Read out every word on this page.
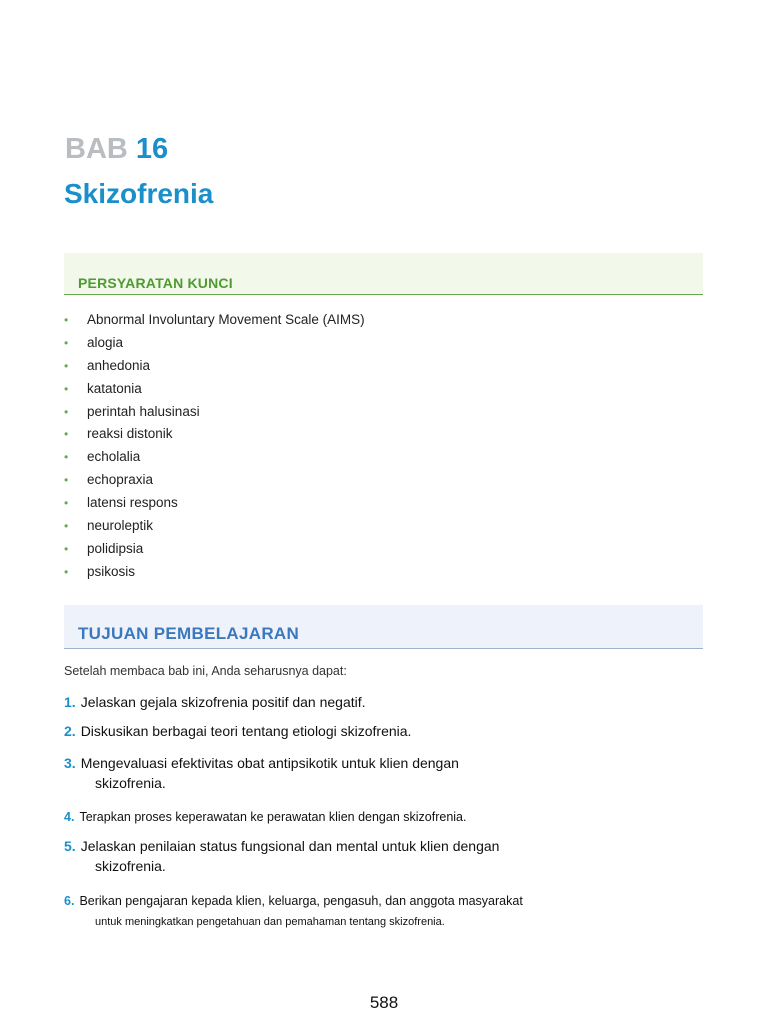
BAB 16
Skizofrenia
PERSYARATAN KUNCI
• Abnormal Involuntary Movement Scale (AIMS)
• alogia
• anhedonia
• katatonia
• perintah halusinasi
• reaksi distonik
• echolalia
• echopraxia
• latensi respons
• neuroleptik
• polidipsia
• psikosis
TUJUAN PEMBELAJARAN
Setelah membaca bab ini, Anda seharusnya dapat:
1. Jelaskan gejala skizofrenia positif dan negatif.
2. Diskusikan berbagai teori tentang etiologi skizofrenia.
3. Mengevaluasi efektivitas obat antipsikotik untuk klien dengan
skizofrenia.
4. Terapkan proses keperawatan ke perawatan klien dengan skizofrenia.
5. Jelaskan penilaian status fungsional dan mental untuk klien dengan
skizofrenia.
6. Berikan pengajaran kepada klien, keluarga, pengasuh, dan anggota masyarakat
untuk meningkatkan pengetahuan dan pemahaman tentang skizofrenia.
588
